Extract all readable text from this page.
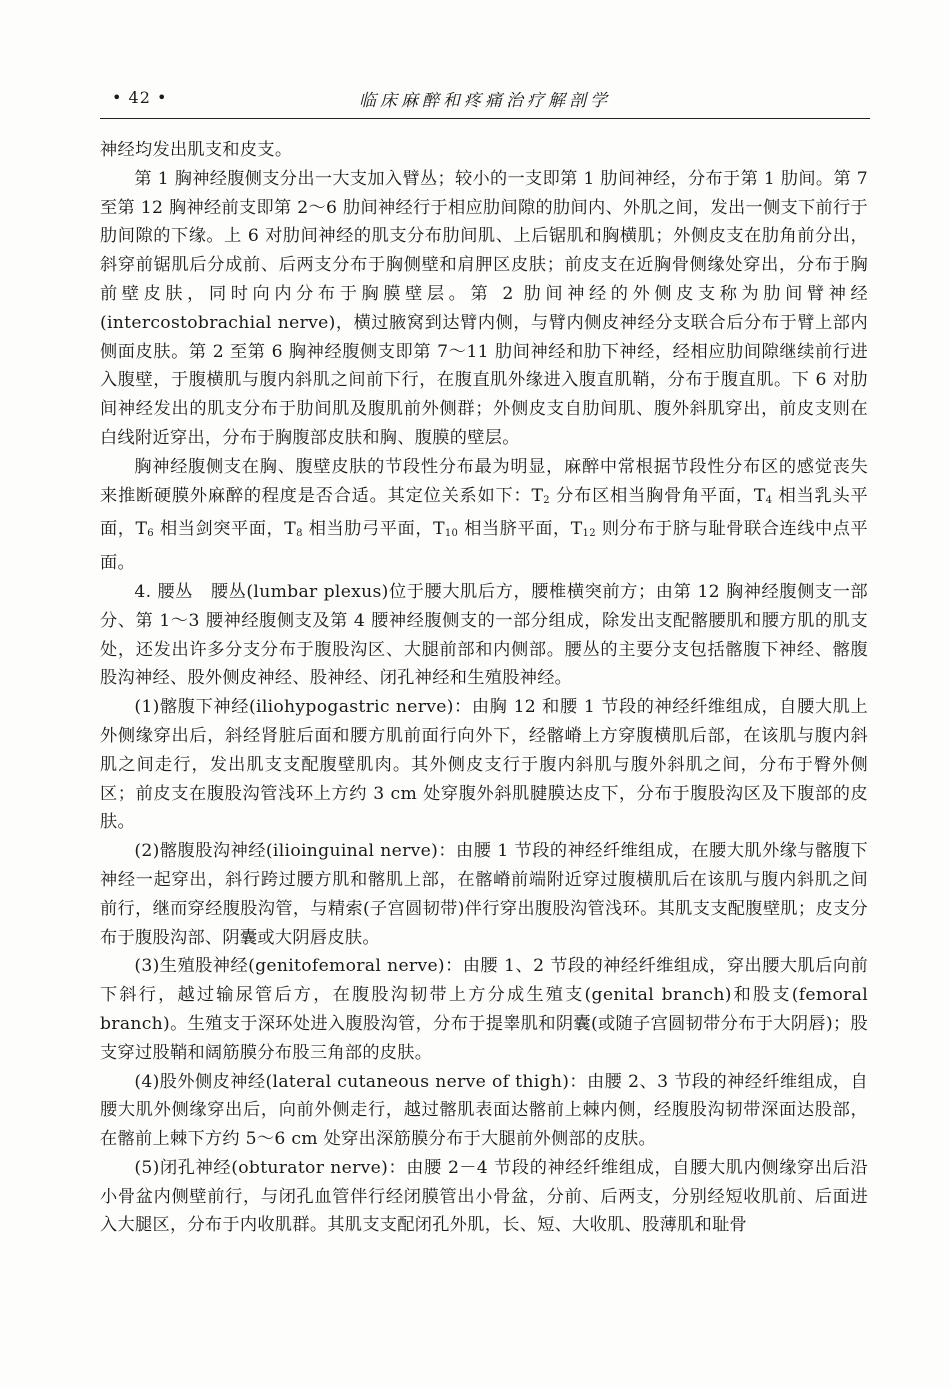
• 42 •	临床麻醉和疼痛治疗解剖学

神经均发出肌支和皮支。

第 1 胸神经腹侧支分出一大支加入臂丛；较小的一支即第 1 肋间神经，分布于第 1 肋间。第 7 至第 12 胸神经前支即第 2～6 肋间神经行于相应肋间隙的肋间内、外肌之间，发出一侧支下前行于肋间隙的下缘。上 6 对肋间神经的肌支分布肋间肌、上后锯肌和胸横肌；外侧皮支在肋角前分出，斜穿前锯肌后分成前、后两支分布于胸侧壁和肩胛区皮肤；前皮支在近胸骨侧缘处穿出，分布于胸前壁皮肤，同时向内分布于胸膜壁层。第 2 肋间神经的外侧皮支称为肋间臂神经(intercostobrachial nerve)，横过腋窝到达臂内侧，与臂内侧皮神经分支联合后分布于臂上部内侧面皮肤。第 2 至第 6 胸神经腹侧支即第 7～11 肋间神经和肋下神经，经相应肋间隙继续前行进入腹壁，于腹横肌与腹内斜肌之间前下行，在腹直肌外缘进入腹直肌鞘，分布于腹直肌。下 6 对肋间神经发出的肌支分布于肋间肌及腹肌前外侧群；外侧皮支自肋间肌、腹外斜肌穿出，前皮支则在白线附近穿出，分布于胸腹部皮肤和胸、腹膜的壁层。

胸神经腹侧支在胸、腹壁皮肤的节段性分布最为明显，麻醉中常根据节段性分布区的感觉丧失来推断硬膜外麻醉的程度是否合适。其定位关系如下：$T_2$ 分布区相当胸骨角平面，$T_4$ 相当乳头平面，$T_6$ 相当剑突平面，$T_8$ 相当肋弓平面，$T_{10}$ 相当脐平面，$T_{12}$ 则分布于脐与耻骨联合连线中点平面。

4. 腰丛　腰丛(lumbar plexus)位于腰大肌后方，腰椎横突前方；由第 12 胸神经腹侧支一部分、第 1～3 腰神经腹侧支及第 4 腰神经腹侧支的一部分组成，除发出支配髂腰肌和腰方肌的肌支处，还发出许多分支分布于腹股沟区、大腿前部和内侧部。腰丛的主要分支包括髂腹下神经、髂腹股沟神经、股外侧皮神经、股神经、闭孔神经和生殖股神经。

(1)髂腹下神经(iliohypogastric nerve)：由胸 12 和腰 1 节段的神经纤维组成，自腰大肌上外侧缘穿出后，斜经肾脏后面和腰方肌前面行向外下，经髂嵴上方穿腹横肌后部，在该肌与腹内斜肌之间走行，发出肌支支配腹壁肌肉。其外侧皮支行于腹内斜肌与腹外斜肌之间，分布于臀外侧区；前皮支在腹股沟管浅环上方约 3 cm 处穿腹外斜肌腱膜达皮下，分布于腹股沟区及下腹部的皮肤。

(2)髂腹股沟神经(ilioinguinal nerve)：由腰 1 节段的神经纤维组成，在腰大肌外缘与髂腹下神经一起穿出，斜行跨过腰方肌和髂肌上部，在髂嵴前端附近穿过腹横肌后在该肌与腹内斜肌之间前行，继而穿经腹股沟管，与精索(子宫圆韧带)伴行穿出腹股沟管浅环。其肌支支配腹壁肌；皮支分布于腹股沟部、阴囊或大阴唇皮肤。

(3)生殖股神经(genitofemoral nerve)：由腰 1、2 节段的神经纤维组成，穿出腰大肌后向前下斜行，越过输尿管后方，在腹股沟韧带上方分成生殖支(genital branch)和股支(femoral branch)。生殖支于深环处进入腹股沟管，分布于提睾肌和阴囊(或随子宫圆韧带分布于大阴唇)；股支穿过股鞘和阔筋膜分布股三角部的皮肤。

(4)股外侧皮神经(lateral cutaneous nerve of thigh)：由腰 2、3 节段的神经纤维组成，自腰大肌外侧缘穿出后，向前外侧走行，越过髂肌表面达髂前上棘内侧，经腹股沟韧带深面达股部，在髂前上棘下方约 5～6 cm 处穿出深筋膜分布于大腿前外侧部的皮肤。

(5)闭孔神经(obturator nerve)：由腰 2－4 节段的神经纤维组成，自腰大肌内侧缘穿出后沿小骨盆内侧壁前行，与闭孔血管伴行经闭膜管出小骨盆，分前、后两支，分别经短收肌前、后面进入大腿区，分布于内收肌群。其肌支支配闭孔外肌，长、短、大收肌、股薄肌和耻骨
